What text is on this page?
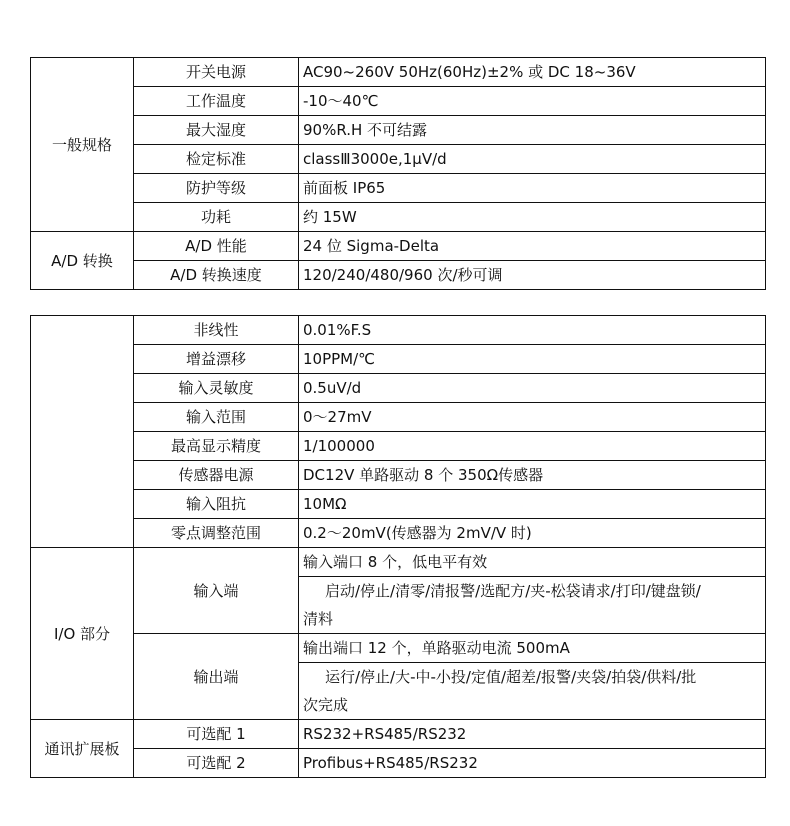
一般规格	开关电源	AC90~260V 50Hz(60Hz)±2% 或 DC 18~36V
	工作温度	-10～40℃
	最大湿度	90%R.H 不可结露
	检定标准	classⅢ3000e,1μV/d
	防护等级	前面板 IP65
	功耗	约 15W
A/D 转换	A/D 性能	24 位 Sigma-Delta
	A/D 转换速度	120/240/480/960 次/秒可调
	非线性	0.01%F.S
	增益漂移	10PPM/℃
	输入灵敏度	0.5uV/d
	输入范围	0～27mV
	最高显示精度	1/100000
	传感器电源	DC12V 单路驱动 8 个 350Ω传感器
	输入阻抗	10MΩ
	零点调整范围	0.2～20mV(传感器为 2mV/V 时)
I/O 部分	输入端	输入端口 8 个，低电平有效

		启动/停止/清零/清报警/选配方/夹-松袋请求/打印/键盘锁/
清料

	输出端	输出端口 12 个，单路驱动电流 500mA

		运行/停止/大-中-小投/定值/超差/报警/夹袋/拍袋/供料/批
次完成

通讯扩展板	可选配 1	RS232+RS485/RS232
	可选配 2	Profibus+RS485/RS232
